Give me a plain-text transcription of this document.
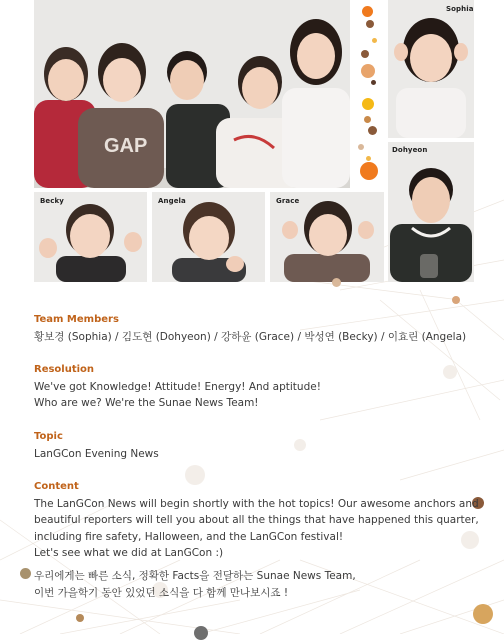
GAP
Sophia
Dohyeon
Becky	Angela	Grace
Team Members
황보경 (Sophia) / 김도현 (Dohyeon) / 강하윤 (Grace) / 박성연 (Becky) / 이효린 (Angela)
Resolution
We've got Knowledge! Attitude! Energy! And aptitude!
Who are we? We're the Sunae News Team!
Topic
LanGCon Evening News
Content
The LanGCon News will begin shortly with the hot topics! Our awesome anchors and
beautiful reporters will tell you about all the things that have happened this quarter,
including fire safety, Halloween, and the LanGCon festival!
Let's see what we did at LanGCon :)
우리에게는 빠른 소식, 정확한 Facts을 전달하는 Sunae News Team,
이번 가을학기 동안 있었던 소식을 다 함께 만나보시죠 !
